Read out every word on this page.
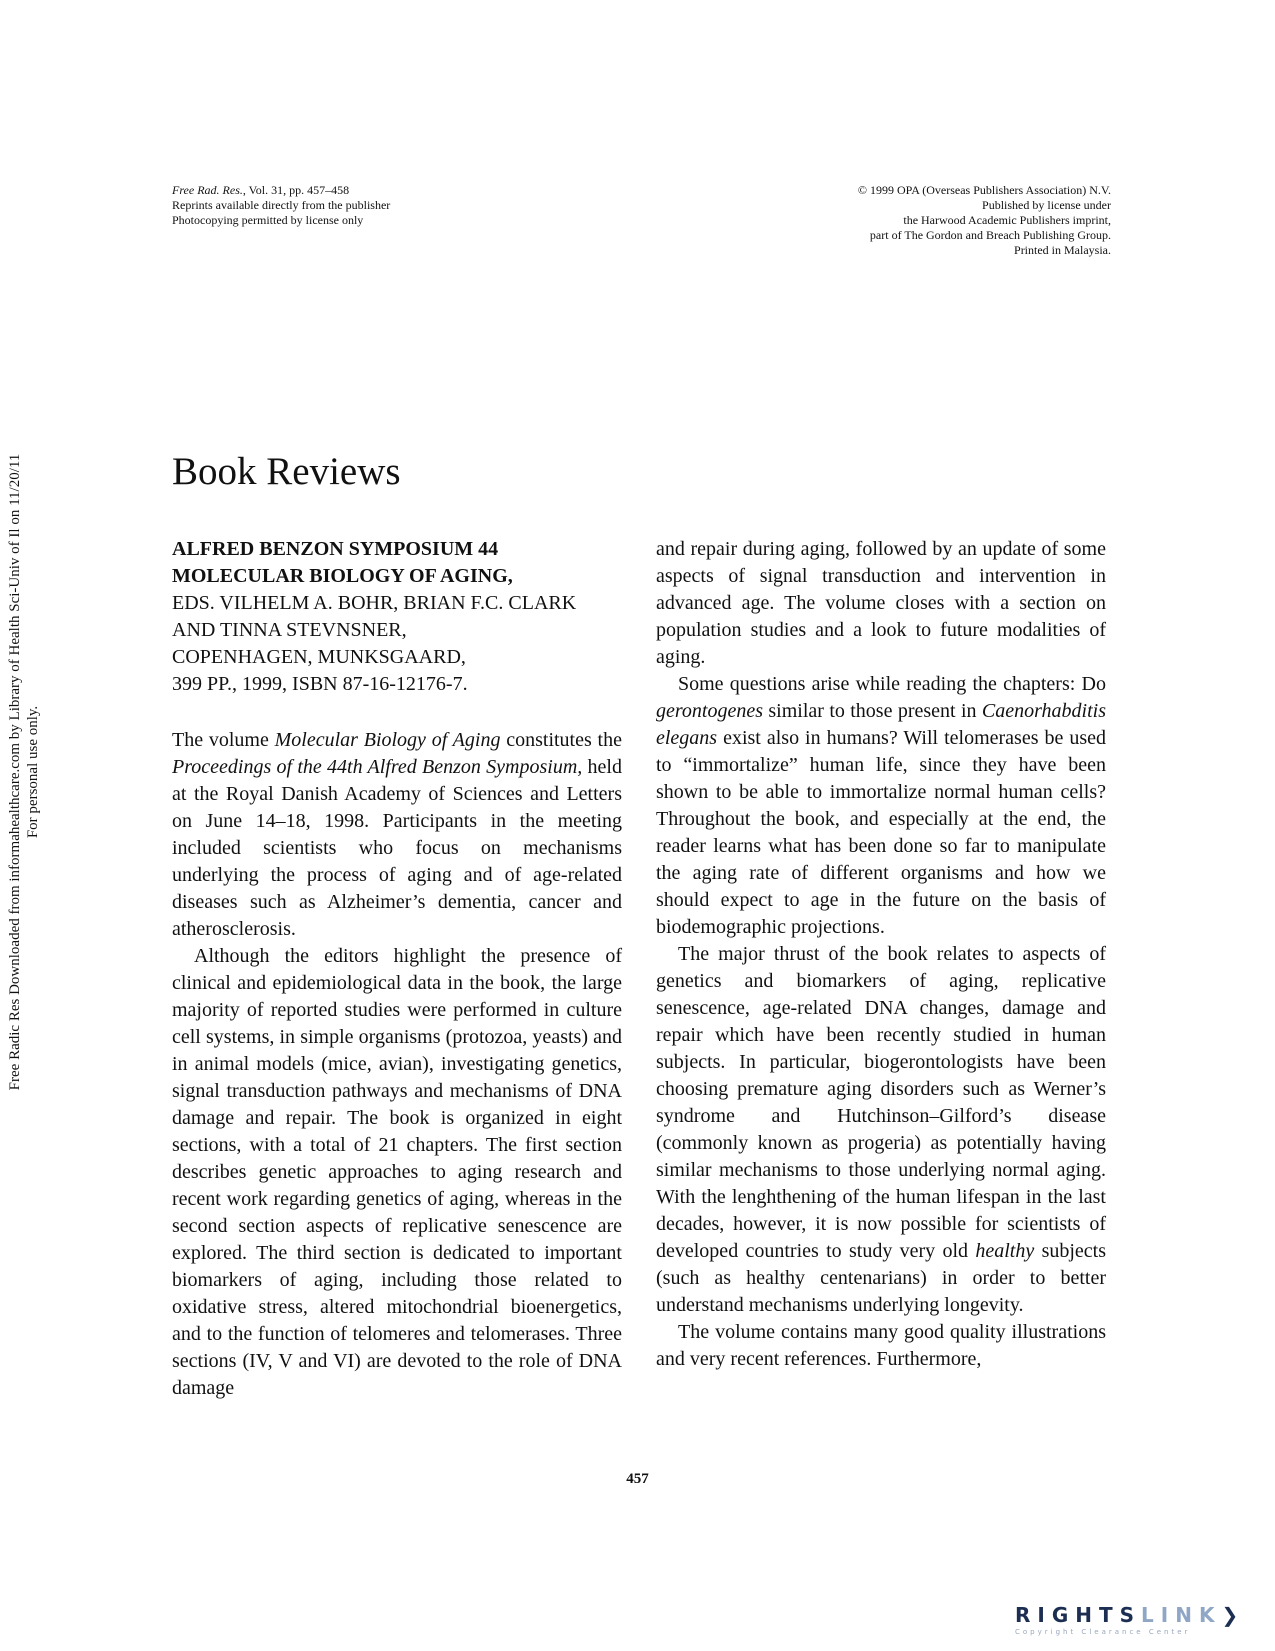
Free Rad. Res., Vol. 31, pp. 457–458
Reprints available directly from the publisher
Photocopying permitted by license only
© 1999 OPA (Overseas Publishers Association) N.V.
Published by license under
the Harwood Academic Publishers imprint,
part of The Gordon and Breach Publishing Group.
Printed in Malaysia.
Free Radic Res Downloaded from informahealthcare.com by Library of Health Sci-Univ of Il on 11/20/11 For personal use only.
Book Reviews
ALFRED BENZON SYMPOSIUM 44
MOLECULAR BIOLOGY OF AGING,
EDS. VILHELM A. BOHR, BRIAN F.C. CLARK
AND TINNA STEVNSNER,
COPENHAGEN, MUNKSGAARD,
399 PP., 1999, ISBN 87-16-12176-7.

The volume Molecular Biology of Aging constitutes the Proceedings of the 44th Alfred Benzon Symposium, held at the Royal Danish Academy of Sciences and Letters on June 14–18, 1998. Participants in the meeting included scientists who focus on mechanisms underlying the process of aging and of age-related diseases such as Alzheimer’s dementia, cancer and atherosclerosis.

Although the editors highlight the presence of clinical and epidemiological data in the book, the large majority of reported studies were performed in culture cell systems, in simple organisms (protozoa, yeasts) and in animal models (mice, avian), investigating genetics, signal transduction pathways and mechanisms of DNA damage and repair. The book is organized in eight sections, with a total of 21 chapters. The first section describes genetic approaches to aging research and recent work regarding genetics of aging, whereas in the second section aspects of replicative senescence are explored. The third section is dedicated to important biomarkers of aging, including those related to oxidative stress, altered mitochondrial bioenergetics, and to the function of telomeres and telomerases. Three sections (IV, V and VI) are devoted to the role of DNA damage

and repair during aging, followed by an update of some aspects of signal transduction and intervention in advanced age. The volume closes with a section on population studies and a look to future modalities of aging.

Some questions arise while reading the chapters: Do gerontogenes similar to those present in Caenorhabditis elegans exist also in humans? Will telomerases be used to “immortalize” human life, since they have been shown to be able to immortalize normal human cells? Throughout the book, and especially at the end, the reader learns what has been done so far to manipulate the aging rate of different organisms and how we should expect to age in the future on the basis of biodemographic projections.

The major thrust of the book relates to aspects of genetics and biomarkers of aging, replicative senescence, age-related DNA changes, damage and repair which have been recently studied in human subjects. In particular, biogerontologists have been choosing premature aging disorders such as Werner’s syndrome and Hutchinson–Gilford’s disease (commonly known as progeria) as potentially having similar mechanisms to those underlying normal aging. With the lenghthening of the human lifespan in the last decades, however, it is now possible for scientists of developed countries to study very old healthy subjects (such as healthy centenarians) in order to better understand mechanisms underlying longevity.

The volume contains many good quality illustrations and very recent references. Furthermore,

457
RIGHTSLINK❯
Copyright Clearance Center
